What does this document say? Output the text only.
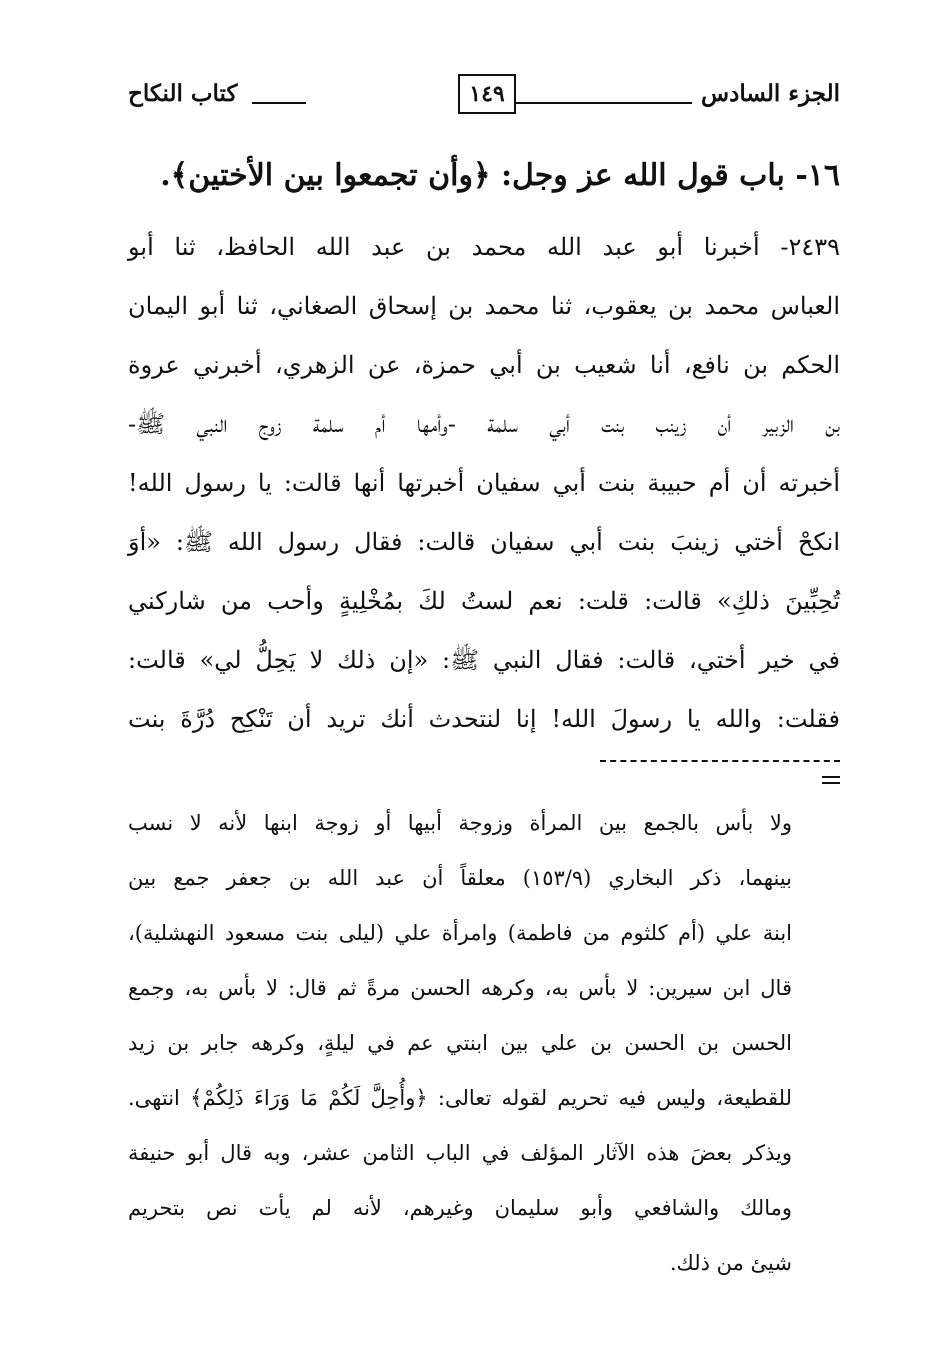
الجزء السادس
١٤٩
كتاب النكاح
١٦- باب قول الله عز وجل: ﴿وأن تجمعوا بين الأختين﴾.
٢٤٣٩- أخبرنا أبو عبد الله محمد بن عبد الله الحافظ، ثنا أبو
العباس محمد بن يعقوب، ثنا محمد بن إسحاق الصغاني، ثنا أبو اليمان
الحكم بن نافع، أنا شعيب بن أبي حمزة، عن الزهري، أخبرني عروة
بن الزبير أن زينب بنت أبي سلمة -وأمها أم سلمة زوج النبي ﷺ-
أخبرته أن أم حبيبة بنت أبي سفيان أخبرتها أنها قالت: يا رسول الله!
انكحْ أختي زينبَ بنت أبي سفيان قالت: فقال رسول الله ﷺ: «أوَ
تُحِبِّينَ ذلكِ» قالت: قلت: نعم لستُ لكَ بمُخْلِيةٍ وأحب من شاركني
في خير أختي، قالت: فقال النبي ﷺ: «إن ذلك لا يَحِلُّ لي» قالت:
فقلت: والله يا رسولَ الله! إنا لنتحدث أنك تريد أن تَنْكِح دُرَّةَ بنت
ولا بأس بالجمع بين المرأة وزوجة أبيها أو زوجة ابنها لأنه لا نسب
بينهما، ذكر البخاري (١٥٣/٩) معلقاً أن عبد الله بن جعفر جمع بين
ابنة علي (أم كلثوم من فاطمة) وامرأة علي (ليلى بنت مسعود النهشلية)،
قال ابن سيرين: لا بأس به، وكرهه الحسن مرةً ثم قال: لا بأس به، وجمع
الحسن بن الحسن بن علي بين ابنتي عم في ليلةٍ، وكرهه جابر بن زيد
للقطيعة، وليس فيه تحريم لقوله تعالى: ﴿وأُحِلَّ لَكُمْ مَا وَرَاءَ ذَلِكُمْ﴾ انتهى.
ويذكر بعضَ هذه الآثار المؤلف في الباب الثامن عشر، وبه قال أبو حنيفة
ومالك والشافعي وأبو سليمان وغيرهم، لأنه لم يأت نص بتحريم
شيئ من ذلك.
